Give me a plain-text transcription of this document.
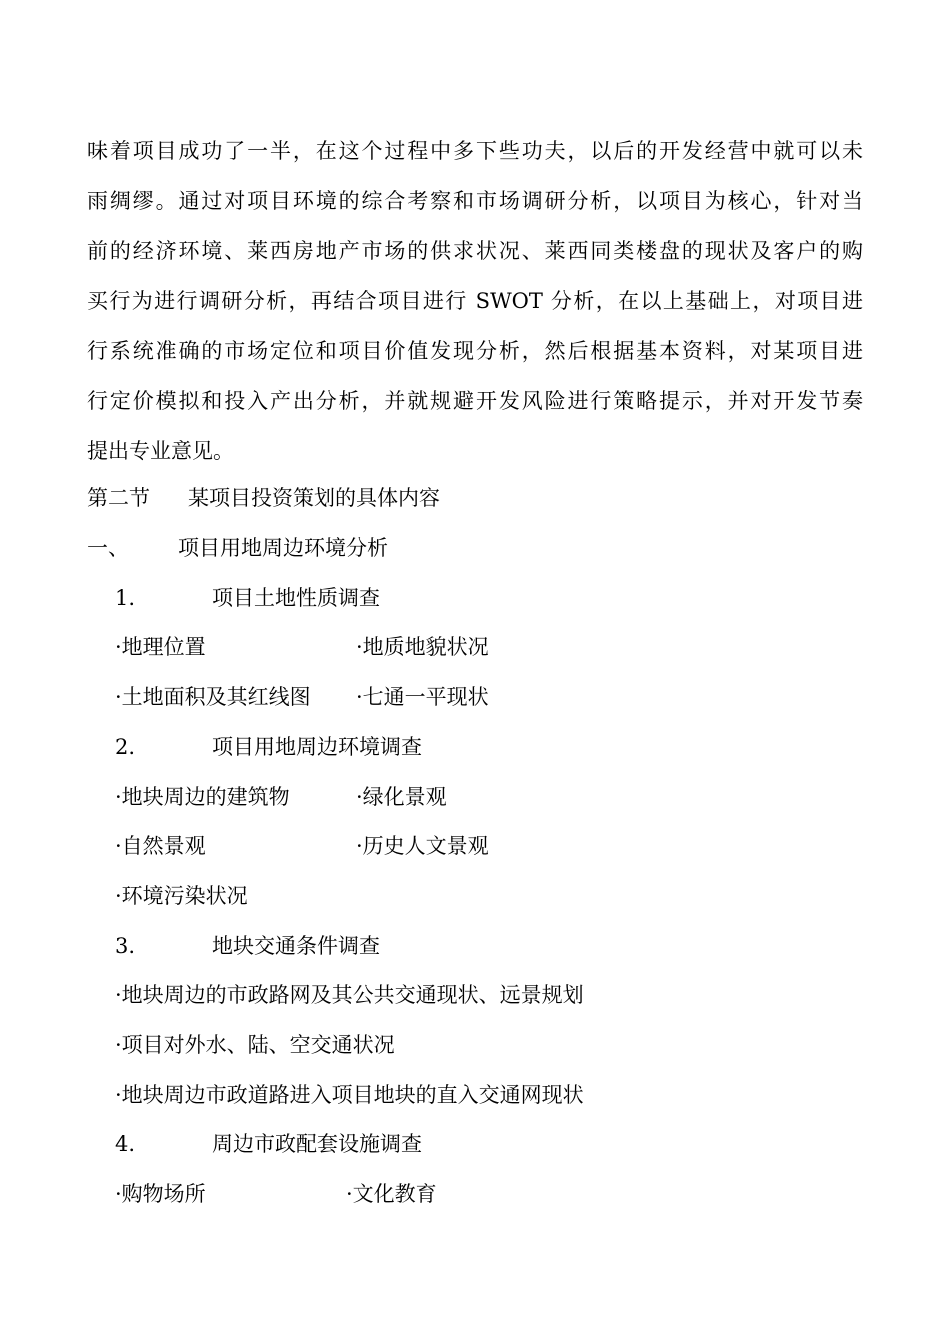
味着项目成功了一半，在这个过程中多下些功夫，以后的开发经营中就可以未
雨绸缪。通过对项目环境的综合考察和市场调研分析，以项目为核心，针对当
前的经济环境、莱西房地产市场的供求状况、莱西同类楼盘的现状及客户的购
买行为进行调研分析，再结合项目进行 SWOT 分析，在以上基础上，对项目进
行系统准确的市场定位和项目价值发现分析，然后根据基本资料，对某项目进
行定价模拟和投入产出分析，并就规避开发风险进行策略提示，并对开发节奏
提出专业意见。
第二节 某项目投资策划的具体内容
一、 项目用地周边环境分析
1.	项目土地性质调查
·地理位置	·地质地貌状况
·土地面积及其红线图 ·七通一平现状
2.	项目用地周边环境调查
·地块周边的建筑物	·绿化景观
·自然景观	·历史人文景观
·环境污染状况
3.	地块交通条件调查
·地块周边的市政路网及其公共交通现状、远景规划
·项目对外水、陆、空交通状况
·地块周边市政道路进入项目地块的直入交通网现状
4.	周边市政配套设施调查
·购物场所	·文化教育
